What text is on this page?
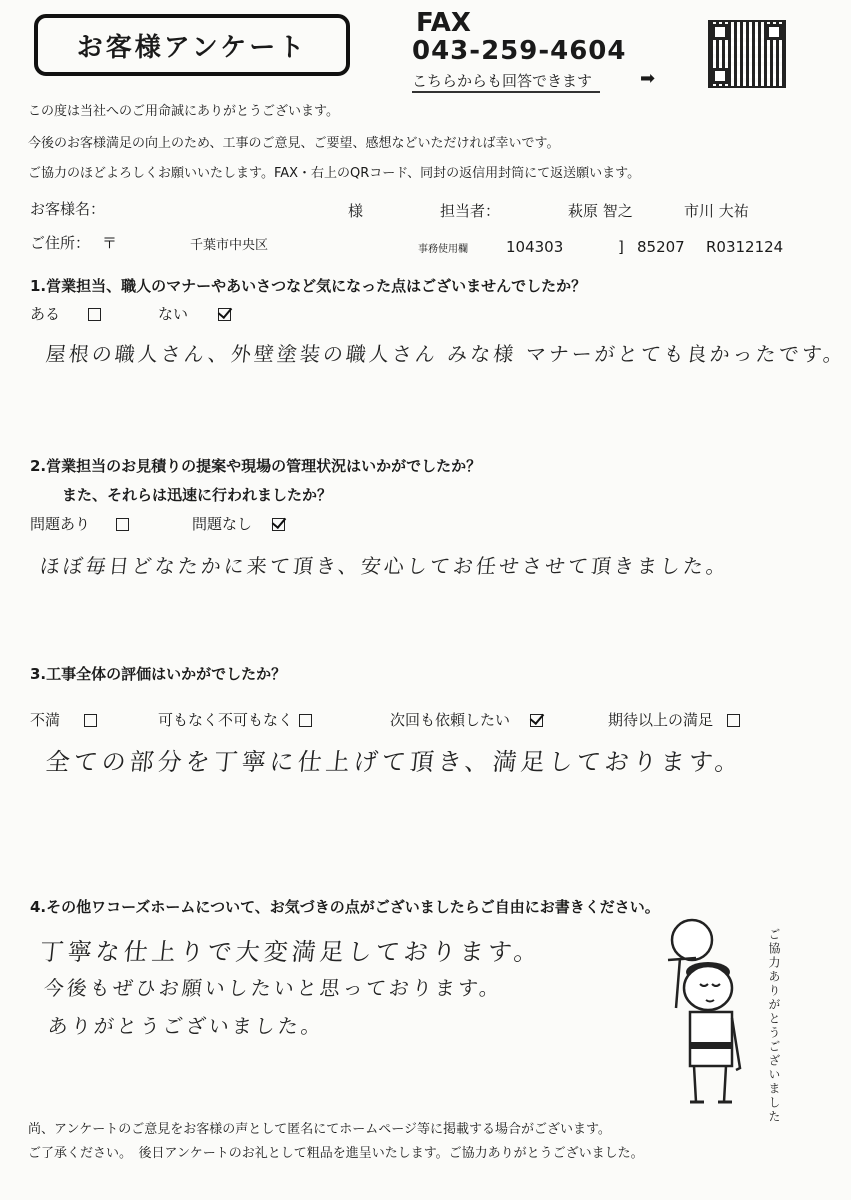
お客様アンケート
FAX
043-259-4604
こちらからも回答できます	➡
この度は当社へのご用命誠にありがとうございます。
今後のお客様満足の向上のため、工事のご意見、ご要望、感想などいただければ幸いです。
ご協力のほどよろしくお願いいたします。FAX・右上のQRコード、同封の返信用封筒にて返送願います。
お客様名：	様	担当者：	萩原 智之	市川 大祐
ご住所： 〒	千葉市中央区	事務使用欄	104303	] 85207 R0312124
1.営業担当、職人のマナーやあいさつなど気になった点はございませんでしたか？
ある	ない
屋根の職人さん、外壁塗装の職人さん みな様 マナーがとても良かったです。
2.営業担当のお見積りの提案や現場の管理状況はいかがでしたか？
また、それらは迅速に行われましたか？
問題あり	問題なし
ほぼ毎日どなたかに来て頂き、安心してお任せさせて頂きました。
3.工事全体の評価はいかがでしたか？
不満	可もなく不可もなく	次回も依頼したい	期待以上の満足
全ての部分を丁寧に仕上げて頂き、満足しております。
4.その他ワコーズホームについて、お気づきの点がございましたらご自由にお書きください。
丁寧な仕上りで大変満足しております。
今後もぜひお願いしたいと思っております。
ありがとうございました。	ご協力ありがとうございました
尚、アンケートのご意見をお客様の声として匿名にてホームページ等に掲載する場合がございます。
ご了承ください。　後日アンケートのお礼として粗品を進呈いたします。ご協力ありがとうございました。
